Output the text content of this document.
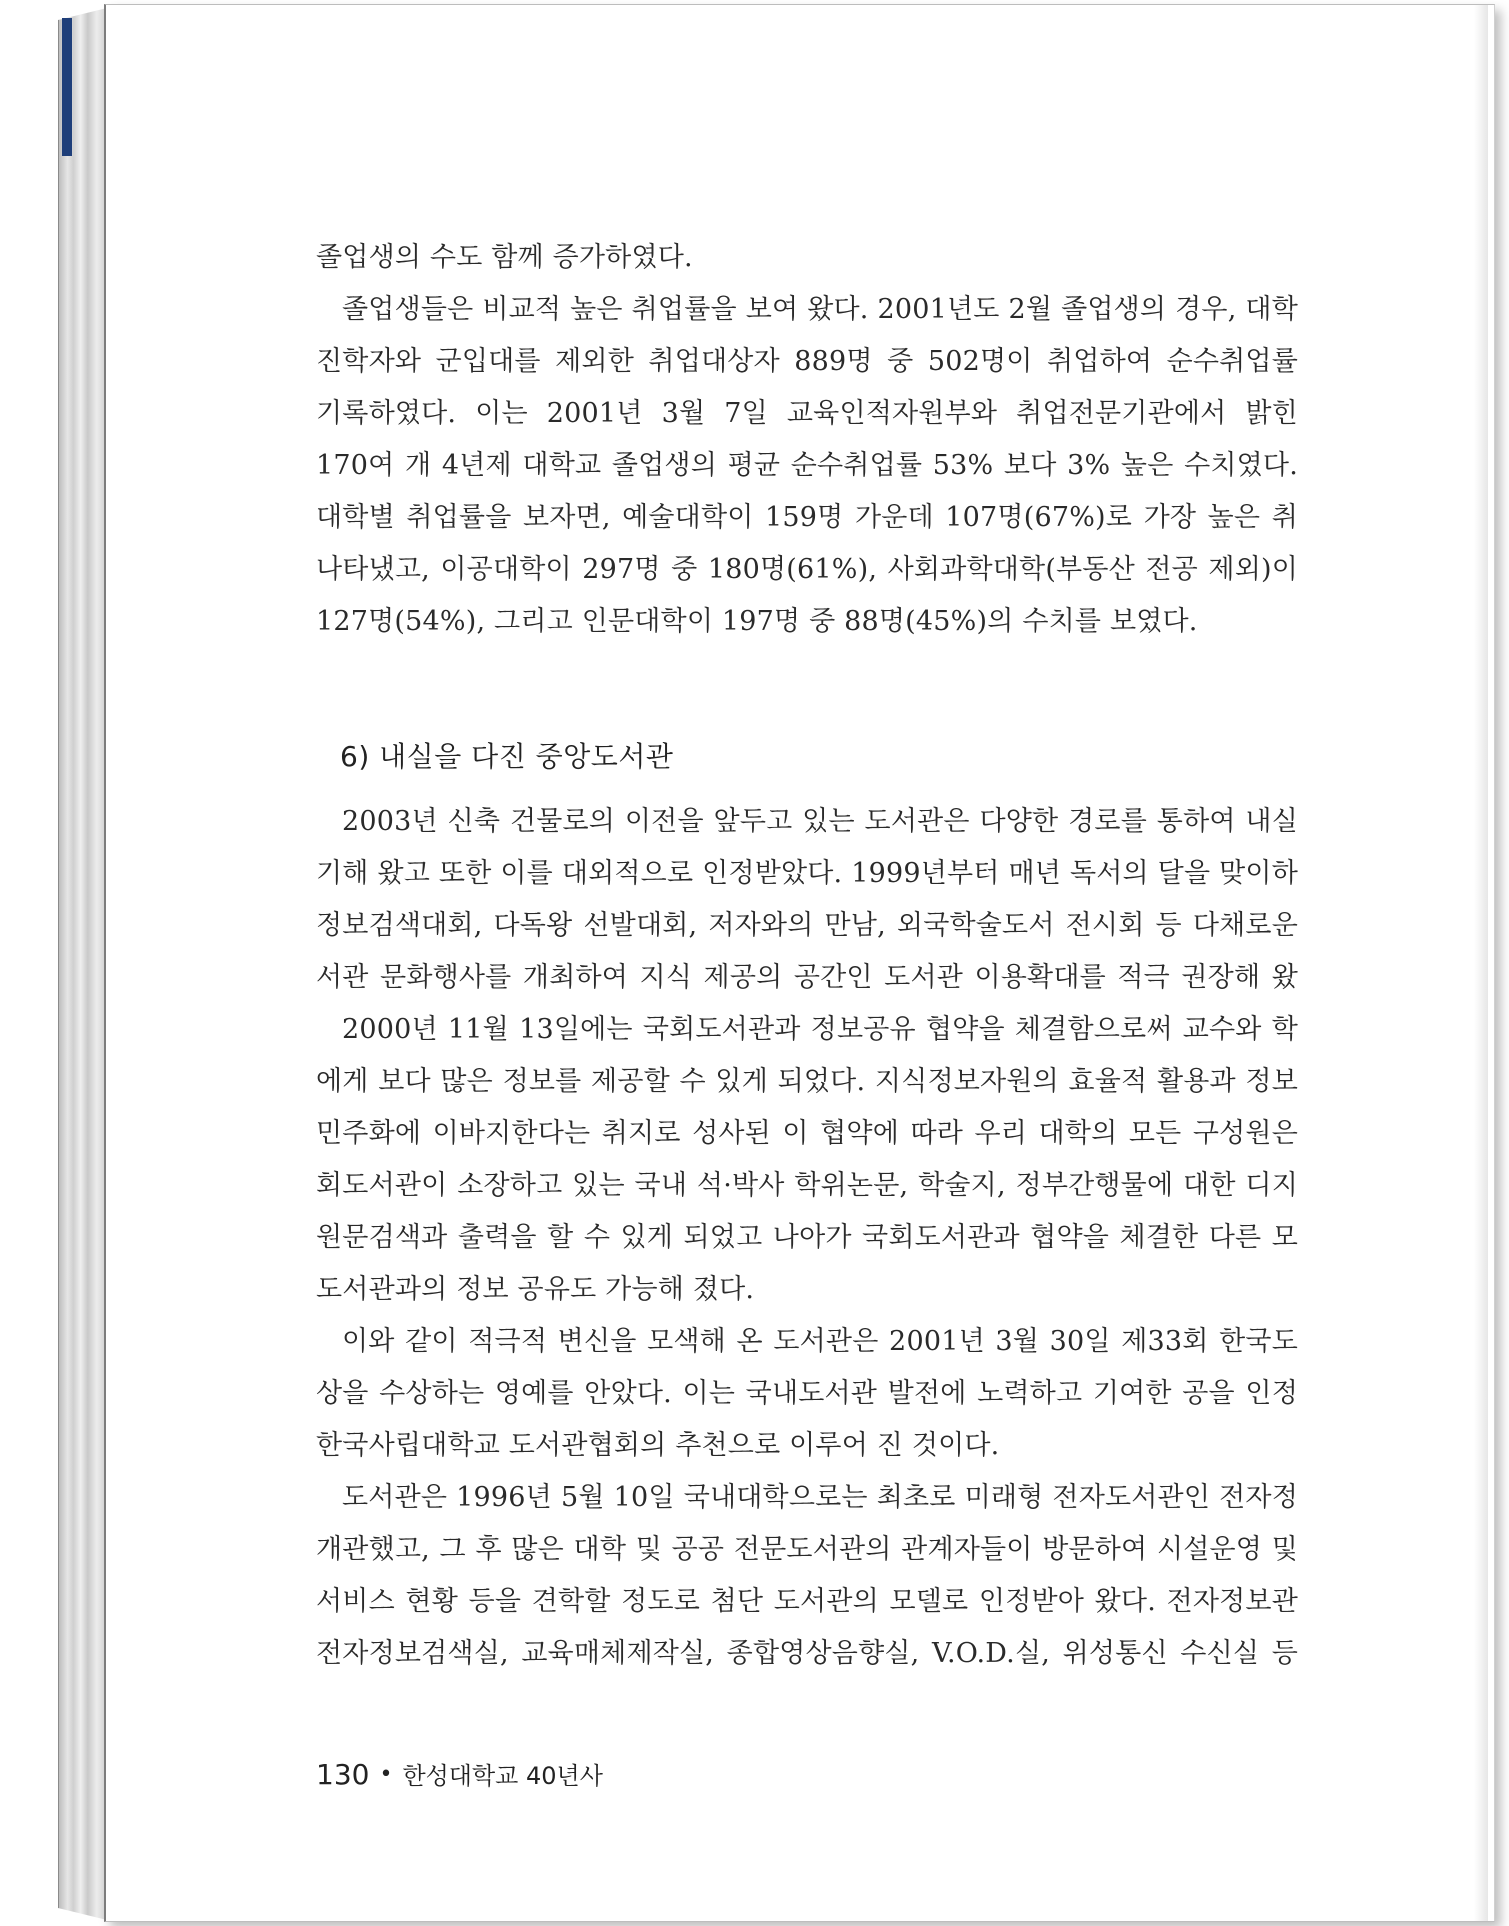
졸업생의 수도 함께 증가하였다.
졸업생들은 비교적 높은 취업률을 보여 왔다. 2001년도 2월 졸업생의 경우, 대학
진학자와 군입대를 제외한 취업대상자 889명 중 502명이 취업하여 순수취업률
기록하였다. 이는 2001년 3월 7일 교육인적자원부와 취업전문기관에서 밝힌
170여 개 4년제 대학교 졸업생의 평균 순수취업률 53% 보다 3% 높은 수치였다.
대학별 취업률을 보자면, 예술대학이 159명 가운데 107명(67%)로 가장 높은 취
나타냈고, 이공대학이 297명 중 180명(61%), 사회과학대학(부동산 전공 제외)이
127명(54%), 그리고 인문대학이 197명 중 88명(45%)의 수치를 보였다.
6) 내실을 다진 중앙도서관
2003년 신축 건물로의 이전을 앞두고 있는 도서관은 다양한 경로를 통하여 내실
기해 왔고 또한 이를 대외적으로 인정받았다. 1999년부터 매년 독서의 달을 맞이하
정보검색대회, 다독왕 선발대회, 저자와의 만남, 외국학술도서 전시회 등 다채로운
서관 문화행사를 개최하여 지식 제공의 공간인 도서관 이용확대를 적극 권장해 왔
2000년 11월 13일에는 국회도서관과 정보공유 협약을 체결함으로써 교수와 학
에게 보다 많은 정보를 제공할 수 있게 되었다. 지식정보자원의 효율적 활용과 정보
민주화에 이바지한다는 취지로 성사된 이 협약에 따라 우리 대학의 모든 구성원은
회도서관이 소장하고 있는 국내 석·박사 학위논문, 학술지, 정부간행물에 대한 디지
원문검색과 출력을 할 수 있게 되었고 나아가 국회도서관과 협약을 체결한 다른 모
도서관과의 정보 공유도 가능해 졌다.
이와 같이 적극적 변신을 모색해 온 도서관은 2001년 3월 30일 제33회 한국도
상을 수상하는 영예를 안았다. 이는 국내도서관 발전에 노력하고 기여한 공을 인정
한국사립대학교 도서관협회의 추천으로 이루어 진 것이다.
도서관은 1996년 5월 10일 국내대학으로는 최초로 미래형 전자도서관인 전자정
개관했고, 그 후 많은 대학 및 공공 전문도서관의 관계자들이 방문하여 시설운영 및
서비스 현황 등을 견학할 정도로 첨단 도서관의 모델로 인정받아 왔다. 전자정보관
전자정보검색실, 교육매체제작실, 종합영상음향실, V.O.D.실, 위성통신 수신실 등
130 • 한성대학교 40년사
